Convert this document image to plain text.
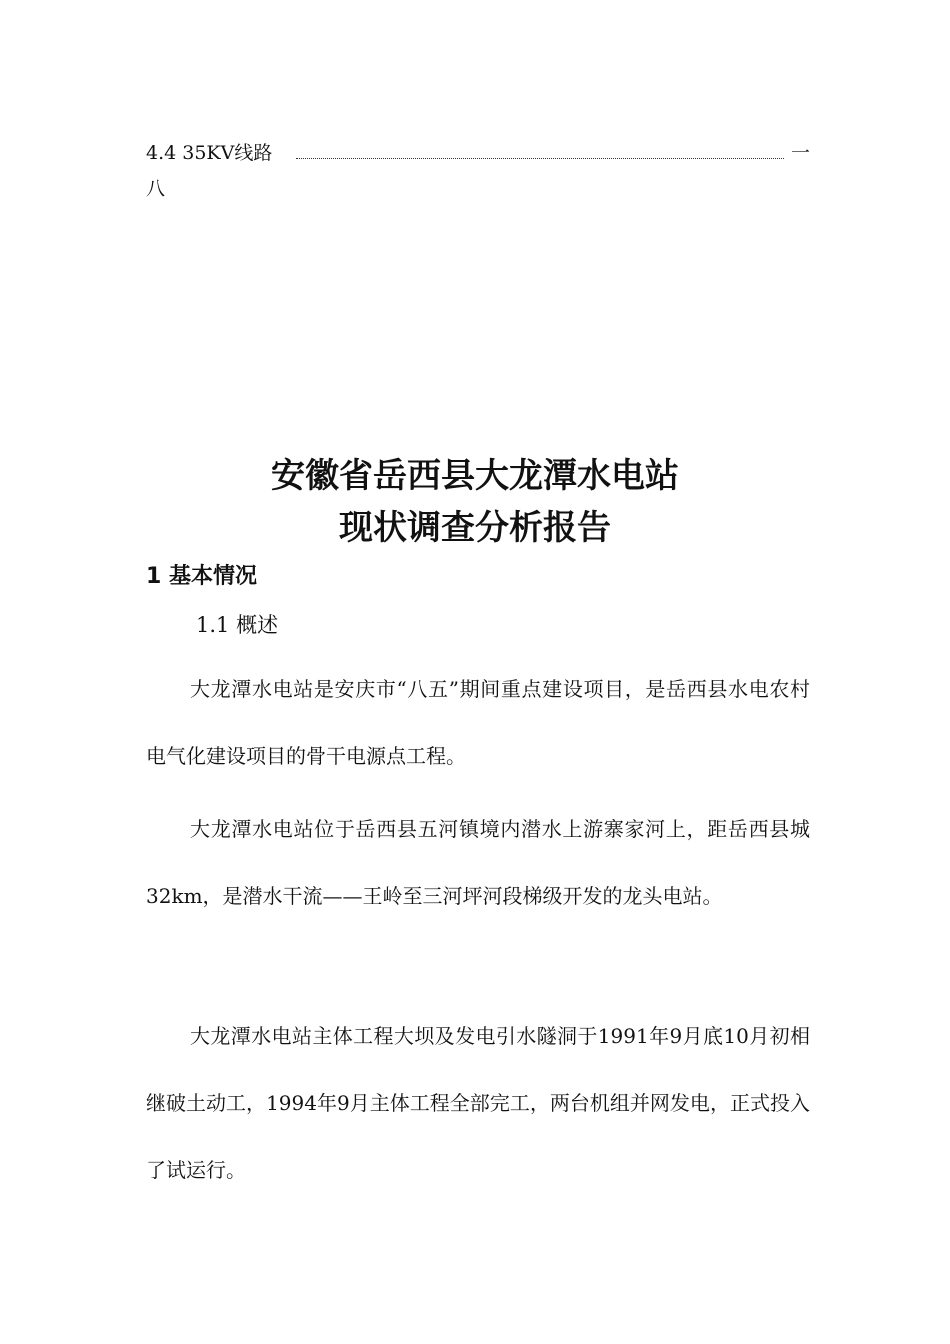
4.4 35KV线路	一
八
安徽省岳西县大龙潭水电站
现状调查分析报告
1 基本情况
1.1 概述

大龙潭水电站是安庆市“八五”期间重点建设项目，是岳西县水电农村电气化建设项目的骨干电源点工程。

大龙潭水电站位于岳西县五河镇境内潜水上游寨家河上，距岳西县城32km，是潜水干流——王岭至三河坪河段梯级开发的龙头电站。

大龙潭水电站主体工程大坝及发电引水隧洞于1991年9月底10月初相继破土动工，1994年9月主体工程全部完工，两台机组并网发电，正式投入了试运行。
